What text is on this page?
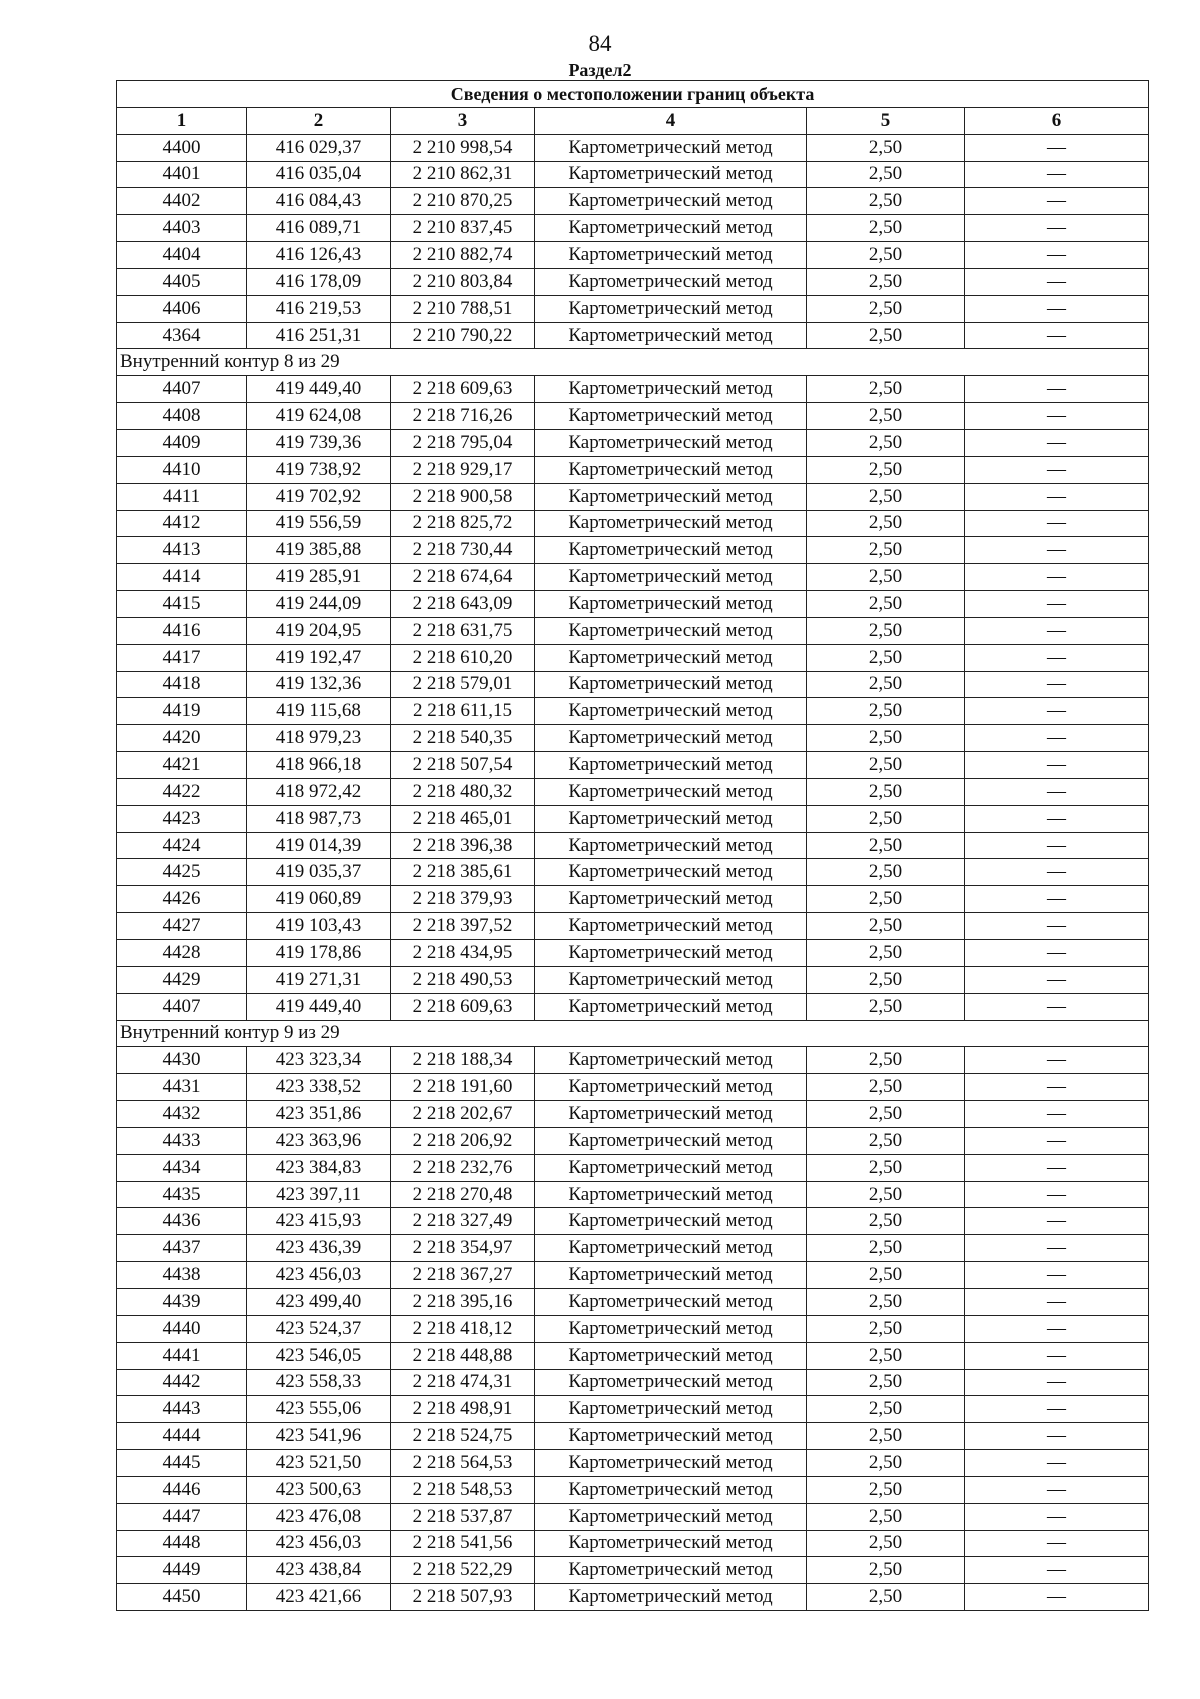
84
Раздел2
Сведения о местоположении границ объекта					
1	2	3	4	5	6
4400	416 029,37	2 210 998,54	Картометрический метод	2,50	—
4401	416 035,04	2 210 862,31	Картометрический метод	2,50	—
4402	416 084,43	2 210 870,25	Картометрический метод	2,50	—
4403	416 089,71	2 210 837,45	Картометрический метод	2,50	—
4404	416 126,43	2 210 882,74	Картометрический метод	2,50	—
4405	416 178,09	2 210 803,84	Картометрический метод	2,50	—
4406	416 219,53	2 210 788,51	Картометрический метод	2,50	—
4364	416 251,31	2 210 790,22	Картометрический метод	2,50	—
Внутренний контур 8 из 29					
4407	419 449,40	2 218 609,63	Картометрический метод	2,50	—
4408	419 624,08	2 218 716,26	Картометрический метод	2,50	—
4409	419 739,36	2 218 795,04	Картометрический метод	2,50	—
4410	419 738,92	2 218 929,17	Картометрический метод	2,50	—
4411	419 702,92	2 218 900,58	Картометрический метод	2,50	—
4412	419 556,59	2 218 825,72	Картометрический метод	2,50	—
4413	419 385,88	2 218 730,44	Картометрический метод	2,50	—
4414	419 285,91	2 218 674,64	Картометрический метод	2,50	—
4415	419 244,09	2 218 643,09	Картометрический метод	2,50	—
4416	419 204,95	2 218 631,75	Картометрический метод	2,50	—
4417	419 192,47	2 218 610,20	Картометрический метод	2,50	—
4418	419 132,36	2 218 579,01	Картометрический метод	2,50	—
4419	419 115,68	2 218 611,15	Картометрический метод	2,50	—
4420	418 979,23	2 218 540,35	Картометрический метод	2,50	—
4421	418 966,18	2 218 507,54	Картометрический метод	2,50	—
4422	418 972,42	2 218 480,32	Картометрический метод	2,50	—
4423	418 987,73	2 218 465,01	Картометрический метод	2,50	—
4424	419 014,39	2 218 396,38	Картометрический метод	2,50	—
4425	419 035,37	2 218 385,61	Картометрический метод	2,50	—
4426	419 060,89	2 218 379,93	Картометрический метод	2,50	—
4427	419 103,43	2 218 397,52	Картометрический метод	2,50	—
4428	419 178,86	2 218 434,95	Картометрический метод	2,50	—
4429	419 271,31	2 218 490,53	Картометрический метод	2,50	—
4407	419 449,40	2 218 609,63	Картометрический метод	2,50	—
Внутренний контур 9 из 29					
4430	423 323,34	2 218 188,34	Картометрический метод	2,50	—
4431	423 338,52	2 218 191,60	Картометрический метод	2,50	—
4432	423 351,86	2 218 202,67	Картометрический метод	2,50	—
4433	423 363,96	2 218 206,92	Картометрический метод	2,50	—
4434	423 384,83	2 218 232,76	Картометрический метод	2,50	—
4435	423 397,11	2 218 270,48	Картометрический метод	2,50	—
4436	423 415,93	2 218 327,49	Картометрический метод	2,50	—
4437	423 436,39	2 218 354,97	Картометрический метод	2,50	—
4438	423 456,03	2 218 367,27	Картометрический метод	2,50	—
4439	423 499,40	2 218 395,16	Картометрический метод	2,50	—
4440	423 524,37	2 218 418,12	Картометрический метод	2,50	—
4441	423 546,05	2 218 448,88	Картометрический метод	2,50	—
4442	423 558,33	2 218 474,31	Картометрический метод	2,50	—
4443	423 555,06	2 218 498,91	Картометрический метод	2,50	—
4444	423 541,96	2 218 524,75	Картометрический метод	2,50	—
4445	423 521,50	2 218 564,53	Картометрический метод	2,50	—
4446	423 500,63	2 218 548,53	Картометрический метод	2,50	—
4447	423 476,08	2 218 537,87	Картометрический метод	2,50	—
4448	423 456,03	2 218 541,56	Картометрический метод	2,50	—
4449	423 438,84	2 218 522,29	Картометрический метод	2,50	—
4450	423 421,66	2 218 507,93	Картометрический метод	2,50	—
